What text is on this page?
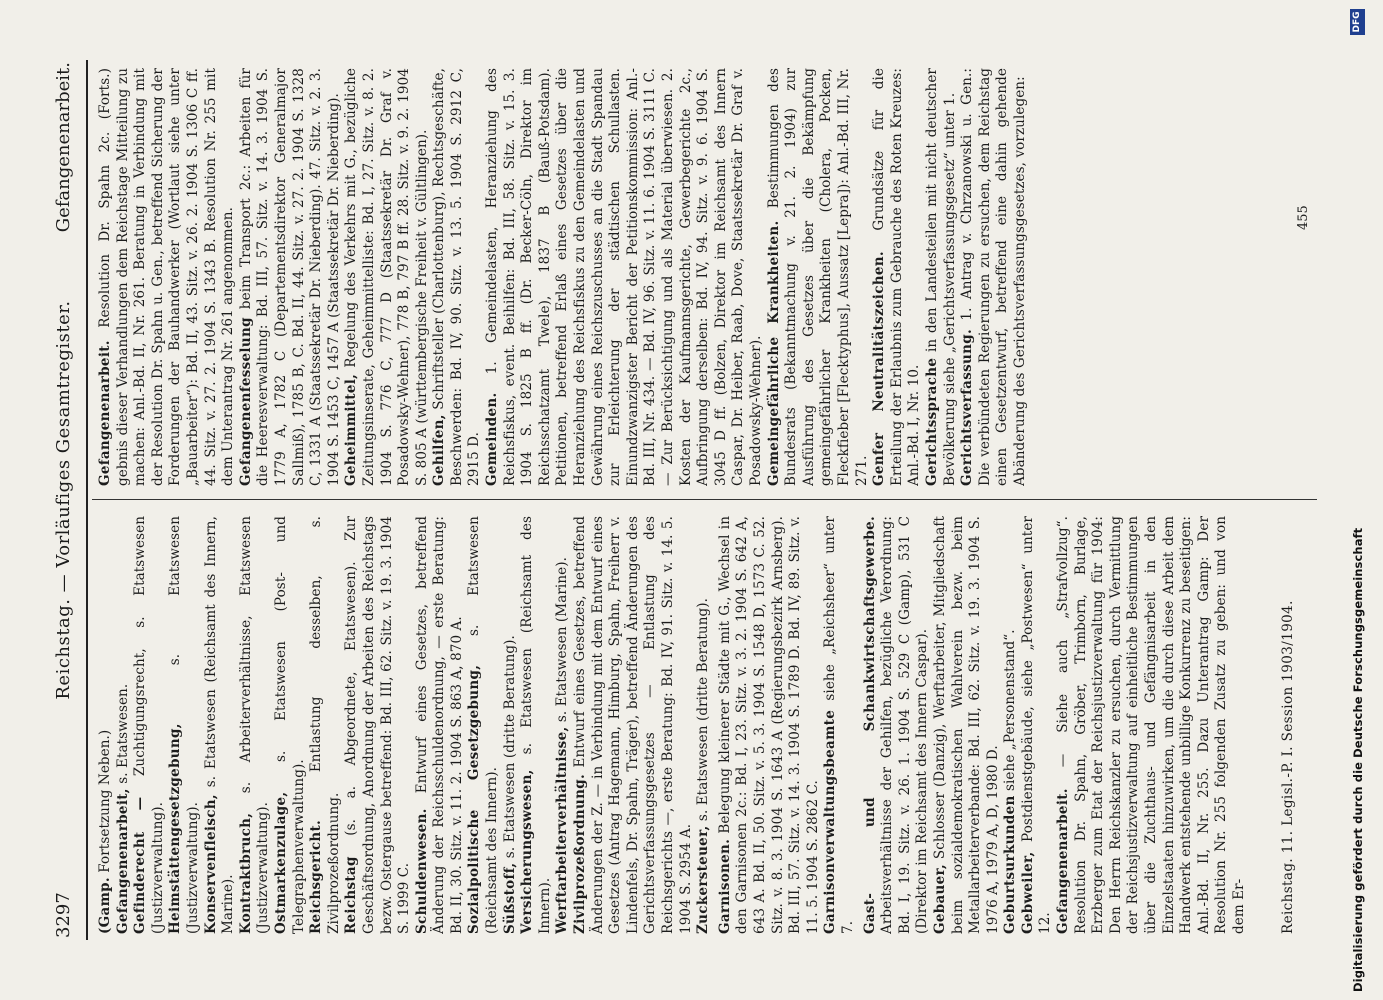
3297
Reichstag. — Vorläufiges Gesamtregister.
Gefangenenarbeit.

(Gamp. Fortsetzung Neben.) Gefangenenarbeit, s. Etatswesen.

Gefinderecht — Zuchtigungsrecht, s. Etatswesen (Justizverwaltung). Heimstättengesetzgebung, s. Etatswesen (Justizverwaltung). Konservenfleisch, s. Etatswesen (Reichsamt des Innern, Marine). Kontraktbruch, s. Arbeiterverhältnisse, Etatswesen (Justizverwaltung). Ostmarkenzulage, s. Etatswesen (Post- und Telegraphenverwaltung). Reichsgericht. Entlastung desselben, s. Zivilprozeßordnung. Reichstag (s. a. Abgeordnete, Etatswesen). Zur Geschäftsordnung, Anordnung der Arbeiten des Reichstags bezw. Ostergause betreffend: Bd. III, 62. Sitz. v. 19. 3. 1904 S. 1999 C. Schuldenwesen. Entwurf eines Gesetzes, betreffend Änderung der Reichsschuldenordnung, — erste Beratung: Bd. II, 30. Sitz. v. 11. 2. 1904 S. 863 A, 870 A. Sozialpolitische Gesetzgebung, s. Etatswesen (Reichsamt des Innern). Süßstoff, s. Etatswesen (dritte Beratung). Versicherungswesen, s. Etatswesen (Reichsamt des Innern). Werftarbeiterverhältnisse, s. Etatswesen (Marine).

Zivilprozeßordnung. Entwurf eines Gesetzes, betreffend Änderungen der Z. — in Verbindung mit dem Entwurf eines Gesetzes (Antrag Hagemann, Himburg, Spahn, Freiherr v. Lindenfels, Dr. Spahn, Träger), betreffend Änderungen des Gerichtsverfassungsgesetzes — Entlastung des Reichsgerichts —, erste Beratung: Bd. IV, 91. Sitz. v. 14. 5. 1904 S. 2954 A. Zuckersteuer, s. Etatswesen (dritte Beratung).

Garnisonen. Belegung kleinerer Städte mit G., Wechsel in den Garnisonen 2c.: Bd. I, 23. Sitz. v. 3. 2. 1904 S. 642 A, 643 A. Bd. II, 50. Sitz. v. 5. 3. 1904 S. 1548 D, 1573 C. 52. Sitz. v. 8. 3. 1904 S. 1643 A (Regierungsbezirk Arnsberg). Bd. III, 57. Sitz. v. 14. 3. 1904 S. 1789 D. Bd. IV, 89. Sitz. v. 11. 5. 1904 S. 2862 C. Garnisonverwaltungsbeamte siehe „Reichsheer“ unter 7. Gast- und Schankwirtschaftsgewerbe. Arbeitsverhältnisse der Gehilfen, bezügliche Verordnung: Bd. I, 19. Sitz. v. 26. 1. 1904 S. 529 C (Gamp), 531 C (Direktor im Reichsamt des Innern Caspar). Gebauer, Schlosser (Danzig), Werftarbeiter, Mitgliedschaft beim sozialdemokratischen Wahlverein bezw. beim Metallarbeiterverbande: Bd. III, 62. Sitz. v. 19. 3. 1904 S. 1976 A, 1979 A, D, 1980 D. Geburtsurkunden siehe „Personenstand“.

Gebweiler, Postdienstgebäude, siehe „Postwesen“ unter 12. Gefangenenarbeit. — Siehe auch „Strafvollzug“. Resolution Dr. Spahn, Gröber, Trimborn, Burlage, Erzberger zum Etat der Reichsjustizverwaltung für 1904: Den Herrn Reichskanzler zu ersuchen, durch Vermittlung der Reichsjustizverwaltung auf einheitliche Bestimmungen über die Zuchthaus- und Gefängnisarbeit in den Einzelstaaten hinzuwirken, um die durch diese Arbeit dem Handwerk entstehende unbillige Konkurrenz zu beseitigen: Anl.-Bd. II, Nr. 255. Dazu Unterantrag Gamp: Der Resolution Nr. 255 folgenden Zusatz zu geben: und von dem Er-

Gefangenenarbeit. Resolution Dr. Spahn 2c. (Forts.) gebnis dieser Verhandlungen dem Reichstage Mitteilung zu machen: Anl.-Bd. II, Nr. 261. Beratung in Verbindung mit der Resolution Dr. Spahn u. Gen., betreffend Sicherung der Forderungen der Bauhandwerker (Wortlaut siehe unter „Bauarbeiter“): Bd. II, 43. Sitz. v. 26. 2. 1904 S. 1306 C ff. 44. Sitz. v. 27. 2. 1904 S. 1343 B. Resolution Nr. 255 mit dem Unterantrag Nr. 261 angenommen. Gefangenenfesselung beim Transport 2c.: Arbeiten für die Heeresverwaltung: Bd. III, 57. Sitz. v. 14. 3. 1904 S. 1779 A, 1782 C (Departementsdirektor Generalmajor Sallmiß), 1785 B, C. Bd. II, 44. Sitz. v. 27. 2. 1904 S. 1328 C, 1331 A (Staatssekretär Dr. Nieberding). 47. Sitz. v. 2. 3. 1904 S. 1453 C, 1457 A (Staatssekretär Dr. Nieberding). Geheimmittel, Regelung des Verkehrs mit G., bezügliche Zeitungsinserate, Geheimmittelliste: Bd. I, 27. Sitz. v. 8. 2. 1904 S. 776 C, 777 D (Staatssekretär Dr. Graf v. Posadowsky-Wehner), 778 B, 797 B ff. 28. Sitz. v. 9. 2. 1904 S. 805 A (württembergische Freiheit v. Gültlingen). Gehilfen, Schriftsteller (Charlottenburg), Rechtsgeschäfte, Beschwerden: Bd. IV, 90. Sitz. v. 13. 5. 1904 S. 2912 C, 2915 D. Gemeinden. 1. Gemeindelasten, Heranziehung des Reichsfiskus, event. Beihilfen: Bd. III, 58. Sitz. v. 15. 3. 1904 S. 1825 B ff. (Dr. Becker-Cöln, Direktor im Reichsschatzamt Twele), 1837 B (Bauß-Potsdam). Petitionen, betreffend Erlaß eines Gesetzes über die Heranziehung des Reichsfiskus zu den Gemeindelasten und Gewährung eines Reichszuschusses an die Stadt Spandau zur Erleichterung der städtischen Schullasten. Einundzwanzigster Bericht der Petitionskommission: Anl.-Bd. III, Nr. 434. — Bd. IV, 96. Sitz. v. 11. 6. 1904 S. 3111 C. — Zur Berücksichtigung und als Material überwiesen. 2. Kosten der Kaufmannsgerichte, Gewerbegerichte 2c., Aufbringung derselben: Bd. IV, 94. Sitz. v. 9. 6. 1904 S. 3045 D ff. (Bolzen, Direktor im Reichsamt des Innern Caspar, Dr. Heiber, Raab, Dove, Staatssekretär Dr. Graf v. Posadowsky-Wehner). Gemeingefährliche Krankheiten. Bestimmungen des Bundesrats (Bekanntmachung v. 21. 2. 1904) zur Ausführung des Gesetzes über die Bekämpfung gemeingefährlicher Krankheiten (Cholera, Pocken, Fleckfieber [Flecktyphus], Aussatz [Lepra]): Anl.-Bd. III, Nr. 271. Genfer Neutralitätszeichen. Grundsätze für die Erteilung der Erlaubnis zum Gebrauche des Roten Kreuzes: Anl.-Bd. I, Nr. 10. Gerichtssprache in den Landesteilen mit nicht deutscher Bevölkerung siehe „Gerichtsverfassungsgesetz“ unter 1. Gerichtsverfassung. 1. Antrag v. Chrzanowski u. Gen.: Die verbündeten Regierungen zu ersuchen, dem Reichstag einen Gesetzentwurf, betreffend eine dahin gehende Abänderung des Gerichtsverfassungsgesetzes, vorzulegen:

Reichstag. 11. Legisl.-P. I. Session 1903/1904.
455
Digitalisierung gefördert durch die Deutsche Forschungsgemeinschaft
DFG
